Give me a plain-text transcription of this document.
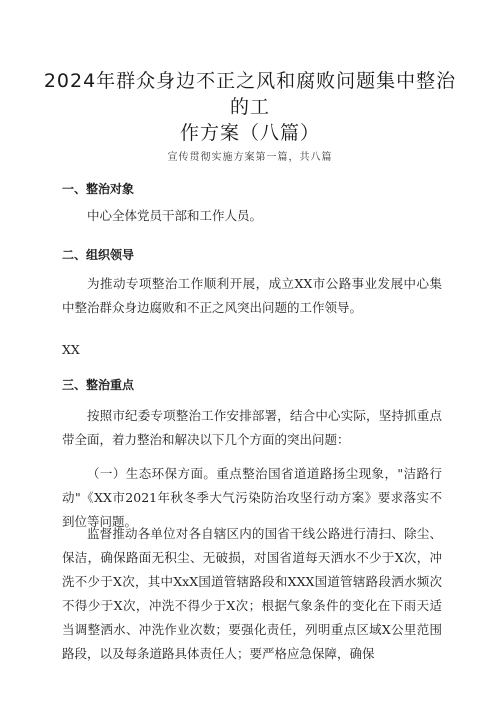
2024年群众身边不正之风和腐败问题集中整治的工
作方案（八篇）
宣传贯彻实施方案第一篇，共八篇
一、整治对象
中心全体党员干部和工作人员。
二、组织领导
为推动专项整治工作顺利开展，成立XX市公路事业发展中心集中整治群众身边腐败和不正之风突出问题的工作领导。
XX
三、整治重点
按照市纪委专项整治工作安排部署，结合中心实际，坚持抓重点带全面，着力整治和解决以下几个方面的突出问题：
（一）生态环保方面。重点整治国省道道路扬尘现象，"洁路行动"《XX市2021年秋冬季大气污染防治攻坚行动方案》要求落实不到位等问题。
监督推动各单位对各自辖区内的国省干线公路进行清扫、除尘、保洁，确保路面无积尘、无破损，对国省道每天洒水不少于X次，冲洗不少于X次，其中XxX国道管辖路段和XXX国道管辖路段洒水频次不得少于X次，冲洗不得少于X次；根据气象条件的变化在下雨天适当调整洒水、冲洗作业次数；要强化责任，列明重点区域X公里范围路段，以及每条道路具体责任人；要严格应急保障，确保
